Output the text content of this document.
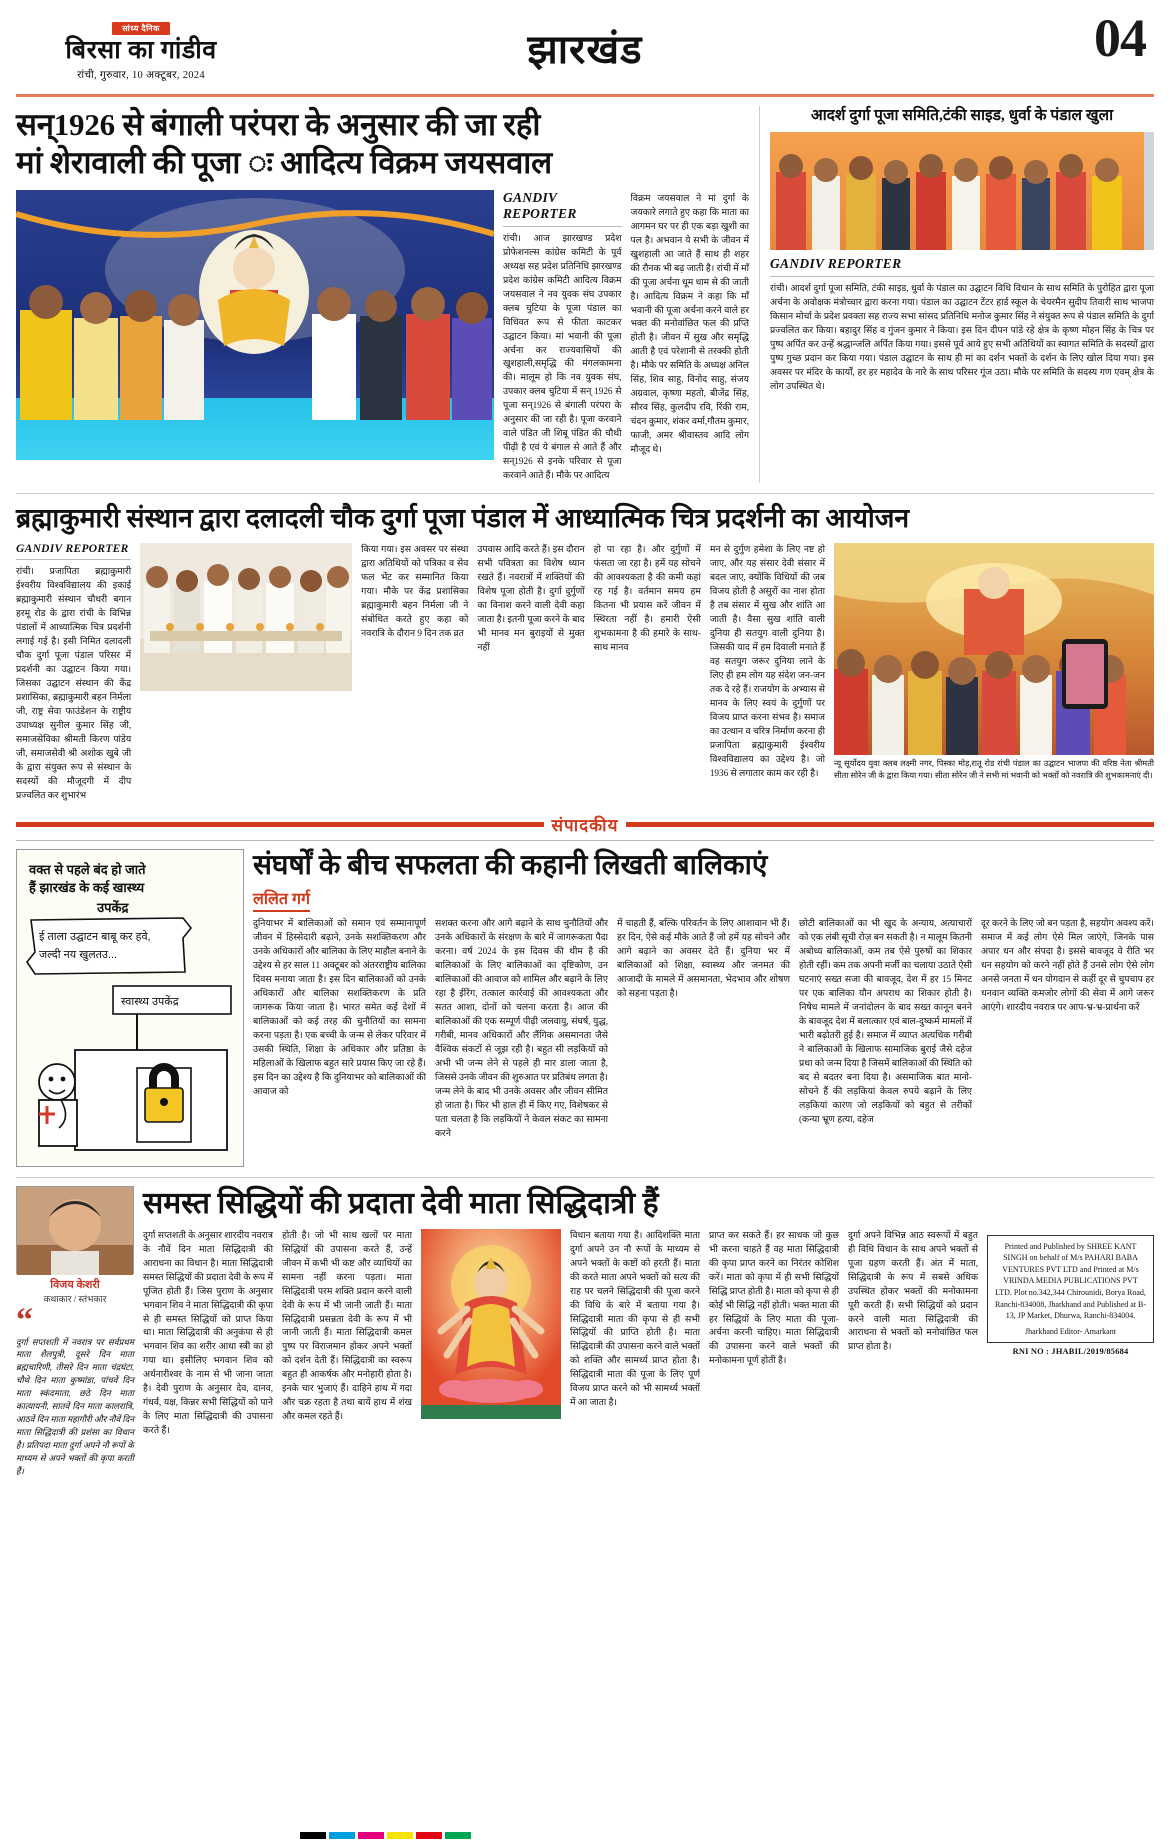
सांध्य दैनिक
बिरसा का गांडीव
रांची, गुरुवार, 10 अक्टूबर, 2024
झारखंड	04
सन्1926 से बंगाली परंपरा के अनुसार की जा रही
मां शेरावाली की पूजा ः आदित्य विक्रम जयसवाल
GANDIV REPORTER
रांची। आज झारखण्ड प्रदेश प्रोफेशनल्स कांग्रेस कमिटी के पूर्व अध्यक्ष सह प्रदेश प्रतिनिधि झारखण्ड प्रदेश कांग्रेस कमिटी आदित्य विक्रम जयसवाल ने नव युवक संघ उपकार क्लब चुटिया के पूजा पंडाल का विधिवत रूप से फीता काटकर उद्घाटन किया। मां भवानी की पूजा अर्चना कर राज्यवासियों की खुशहाली,समृद्धि की मंगलकामना की। मालूम हो कि नव युवक संघ, उपकार क्लब चुटिया में सन् 1926 से पूजा सन्1926 से बंगाली परंपरा के अनुसार की जा रही है। पूजा करवाने वाले पंडित जी शिबू पंडित की चौथी पीढ़ी है एवं ये बंगाल से आते हैं और सन्1926 से इनके परिवार से पूजा करवाने आते हैं। मौके पर आदित्य
विक्रम जयसवाल ने मां दुर्गा के जयकारे लगाते हुए कहा कि माता का आगमन घर पर ही एक बड़ा खुशी का पल है। अभवान ये सभी के जीवन में खुशहाली आ जाते हैं साथ ही शहर की रौनक भी बढ़ जाती है। रांची में माँ की पूजा अर्चना धूम धाम से की जाती है। आदित्य विक्रम ने कहा कि माँ भवानी की पूजा अर्चना करने वाले हर भक्त की मनोवांछित फल की प्रप्ति होती है। जीवन में सुख और समृद्धि आती है एवं परेशानी से तरक्की होती है। मौके पर समिति के अध्यक्ष अनिल सिंह, शिव साहु, विनोद साहु, संजय अग्रवाल, कृष्णा महतो, बीजेंद्र सिंह, सौरव सिंह, कुलदीप रवि, रिंकी राम, चंदन कुमार, शंकर वर्मा,गौतम कुमार, फाजी, अमर श्रीवास्तव आदि लोग मौजूद थे।
आदर्श दुर्गा पूजा समिति,टंकी साइड, धुर्वा के पंडाल खुला
GANDIV REPORTER
रांची। आदर्श दुर्गा पूजा समिति, टंकी साइड, धुर्वा के पंडाल का उद्घाटन विधि विधान के साथ समिति के पुरोहित द्वारा पूजा अर्चना के अवोक्षक मंत्रोच्चार द्वारा करना गया। पंडाल का उद्घाटन टेंटर हार्ड स्कूल के चेयरमैन सुदीप तिवारी साथ भाजपा किसान मोर्चा के प्रदेश प्रवक्ता सह राज्य सभा सांसद प्रतिनिधि मनोज कुमार सिंह ने संयुक्त रूप से पंडाल समिति के दुर्गा प्रज्वलित कर किया। बहादुर सिंह व गुंजन कुमार ने किया। इस दिन दीपन पांडे रहे क्षेत्र के कृष्ण मोहन सिंह के चित्र पर पुष्प अर्पित कर उन्हें श्रद्धान्जलि अर्पित किया गया। इससे पूर्व आये हुए सभी अतिथियों का स्वागत समिति के सदस्यों द्वारा पुष्प गुच्छ प्रदान कर किया गया। पंडाल उद्घाटन के साथ ही मां का दर्शन भक्तों के दर्शन के लिए खोल दिया गया। इस अवसर पर मंदिर के कार्यों, हर हर महादेव के नारे के साथ परिसर गूंज उठा। मौके पर समिति के सदस्य गण एवम् क्षेत्र के लोग उपस्थित थे।
ब्रह्माकुमारी संस्थान द्वारा दलादली चौक दुर्गा पूजा पंडाल में आध्यात्मिक चित्र प्रदर्शनी का आयोजन
GANDIV REPORTER
रांची। प्रजापिता ब्रह्माकुमारी ईश्वरीय विश्वविद्यालय की इकाई ब्रह्माकुमारी संस्थान चौधरी बगान हरमू रोड के द्वारा रांची के विभिन्न पंडालों में आध्यात्मिक चित्र प्रदर्शनी लगाई गई है। इसी निमित दलादली चौक दुर्गा पूजा पंडाल परिसर में प्रदर्शनी का उद्घाटन किया गया। जिसका उद्घाटन संस्थान की केंद्र प्रशासिका, ब्रह्माकुमारी बहन निर्मला जी, राष्ट्र सेवा फाउंडेशन के राष्ट्रीय उपाध्यक्ष सुनील कुमार सिंह जी, समाजसेविका श्रीमती किरण पांडेय जी, समाजसेवी श्री अशोक खुबे जी के द्वारा संयुक्त रूप से संस्थान के सदस्यों की मौजूदगी में दीप प्रज्वलित कर शुभारंभ
किया गया। इस अवसर पर संस्था द्वारा अतिथियों को पत्रिका व सेव फल भेंट कर सम्मानित किया गया। मौके पर केंद्र प्रशासिका ब्रह्माकुमारी बहन निर्मला जी ने संबोधित करते हुए कहा को नवरात्रि के दौरान 9 दिन तक व्रत
उपवास आदि करते हैं। इस दौरान सभी पवित्रता का विशेष ध्यान रखते हैं। नवरात्रों में शक्तियों की विशेष पूजा होती है। दुर्गा दुर्गुणों का विनाश करने वाली देवी कहा जाता है। इतनी पूजा करने के बाद भी मानव मन बुराइयों से मुक्त नहीं
हो पा रहा है। और दुर्गुणों में फंसता जा रहा है। हमें यह सोचने की आवश्यकता है की कमी कहां रह गई है। वर्तमान समय हम कितना भी प्रयास करें जीवन में स्थिरता नहीं है। हमारी ऐसी शुभकामना है की हमारे के साथ-साथ मानव
मन से दुर्गुण हमेशा के लिए नष्ट हो जाए, और यह संसार देवी संसार में बदल जाए, क्योंकि विधियों की जब विजय होती है असुरों का नाश होता है तब संसार में सुख और शांति आ जाती है। वैसा सुख शांति वाली दुनिया ही सतयुग वाली दुनिया है। जिसकी याद में हम दिवाली मनाते हैं वह सतयुग जरूर दुनिया लाने के लिए ही हम लोग यह संदेश जन-जन तक दे रहे हैं। राजयोग के अभ्यास से मानव के लिए स्वयं के दुर्गुणों पर विजय प्राप्त करना संभव है। समाज का उत्थान व चरित्र निर्माण करना ही प्रजापिता ब्रह्माकुमारी ईश्वरीय विश्वविद्यालय का उद्देश्य है। जो 1936 से लगातार काम कर रही है।
न्यू सूर्योदय युवा क्लब लक्ष्मी नगर, पिस्का मोड़,रातू रोड रांची पंडाल का उद्घाटन भाजपा की वरिष्ठ नेता श्रीमती सीता सोरेन जी के द्वारा किया गया। सीता सोरेन जी ने सभी मां भवानी को भक्तों को नवरात्रि की शुभकामनाएं दी।
संपादकीय
वक्त से पहले बंद हो जाते
हैं झारखंड के कई खास्थ्य
उपकेंद्र
ई ताला उद्घाटन बाबू कर हवे,
जल्दी नय खुलतउ...
स्वास्थ्य उपकेंद्र
संघर्षों के बीच सफलता की कहानी लिखती बालिकाएं
ललित गर्ग
दुनियाभर में बालिकाओं को समान एवं सम्मानापूर्ण जीवन में हिस्सेदारी बढ़ाने, उनके सशक्तिकरण और उनके अधिकारों और बालिका के लिए माहौल बनाने के उद्देश्य से हर साल 11 अक्टूबर को अंतरराष्ट्रीय बालिका दिवस मनाया जाता है। इस दिन बालिकाओं को उनके अधिकारों और बालिका सशक्तिकरण के प्रति जागरूक किया जाता है। भारत समेत कई देशों में बालिकाओं को कई तरह की चुनौतियों का सामना करना पड़ता है। एक बच्ची के जन्म से लेकर परिवार में उसकी स्थिति, शिक्षा के अधिकार और प्रतिष्ठा के महिलाओं के खिलाफ बहुत सारे प्रयास किए जा रहे हैं। इस दिन का उद्देश्य है कि दुनियाभर को बालिकाओं की आवाज को
सशक्त करना और आगे बढ़ाने के साथ चुनौतियों और उनके अधिकारों के संरक्षण के बारे में जागरूकता पैदा करना। वर्ष 2024 के इस दिवस की थीम है की बालिकाओं के लिए बालिकाओं का दृष्टिकोण, उन बालिकाओं की आवाज को शामिल और बढ़ाने के लिए रहा है ईरिंग, तत्काल कार्रवाई की आवश्यकता और सतत आशा, दोनों को चलना करता है। आज की बालिकाओं की एक सम्पूर्ण पीढ़ी जलवायु, संघर्ष, युद्ध, गरीबी, मानव अधिकारों और लैंगिक असमानता जैसे वैश्विक संकटों से जूझ रही है। बहुत सी लड़कियों को अभी भी जन्म लेने से पहले ही मार डाला जाता है, जिससे उनके जीवन की शुरुआत पर प्रतिबंध लगता है। जन्म लेने के बाद भी उनके अवसर और जीवन सीमित हो जाता है। फिर भी हाल ही में किए गए, विशेषकर से पता चलता है कि लड़कियों ने केवल संकट का सामना करने
में चाहती हैं, बल्कि परिवर्तन के लिए आशावान भी हैं। हर दिन, ऐसे कई मौके आते हैं जो हमें यह सोचने और आगे बढ़ाने का अवसर देते हैं। दुनिया भर में बालिकाओं को शिक्षा, स्वास्थ्य और जनमत की आजादी के मामले में असमानता, भेदभाव और शोषण को सहना पड़ता है।
छोटी बालिकाओं का भी खुद के अन्याय, अत्याचारों को एक लंबी सूची रोज़ बन सकती है। न मालूम कितनी अबोध्य बालिकाओं, कम तब ऐसे पुरुषों का शिकार होती रहीं। कम तक अपनी मर्जी का चलाया उठाते ऐसी घटनाएं सख्त सजा की बावजूद, देश में हर 15 मिनट पर एक बालिका यौन अपराध का शिकार होती है। निषेध मामले में जनांदोलन के बाद सख्त कानून बनने के बावजूद देश में बलात्कार एवं बाल-दुष्कर्म मामलों में भारी बढ़ोतरी हुई है। समाज में व्याप्त अत्यधिक गरीबी ने बालिकाओं के खिलाफ सामाजिक बुराई जैसे दहेज प्रथा को जन्म दिया है जिसमें बालिकाओं की स्थिति को बद से बदतर बना दिया है। असमाजिक बात मानो-सोचने हैं की लड़कियां केवल रुपये बढ़ाने के लिए लड़कियां कारण जो लड़कियों को बहुत से तरीकों (कन्या भ्रूण हत्या, दहेज
दूर करने के लिए जो बन पड़ता है, सहयोग अवश्य करें। समाज में कई लोग ऐसे मिल जाएंगे, जिनके पास अपार धन और संपदा है। इससे बावजूद वे रीति भर धन सहयोग को करने नहीं होते हैं उनसे लोग ऐसे लोग अनसे जनता में धन योगदान से कहीं दूर से चुपचाप हर धनवान व्यक्ति कमजोर लोगों की सेवा में आगे जरूर आएंगे। शारदीय नवरात्र पर आप-भ्र-भ्र-प्रार्थना करें
विजय केशरी
कथाकार / स्तंभकार
“
दुर्गा सप्तशती में नवरात्र पर सर्वप्रथम माता शैलपुत्री, दूसरे दिन माता ब्रह्मचारिणी, तीसरे दिन माता चंद्रघंटा, चौथे दिन माता कुष्मांडा, पांचवें दिन माता स्कंदमाता, छठे दिन माता कात्यायनी, सातवें दिन माता कालरात्रि, आठवें दिन माता महागौरी और नौवें दिन माता सिद्धिदात्री की प्रशंसा का विधान है। प्रतिपदा माता दुर्गा अपने नौ रूपों के माध्यम से अपने भक्तों की कृपा करती हैं।
समस्त सिद्धियों की प्रदाता देवी माता सिद्धिदात्री हैं
दुर्गा सप्तशती के अनुसार शारदीय नवरात्र के नौवें दिन माता सिद्धिदात्री की आराधना का विधान है। माता सिद्धिदात्री समस्त सिद्धियों की प्रदाता देवी के रूप में पूजित होती हैं। जिस पुराण के अनुसार भगवान शिव ने माता सिद्धिदात्री की कृपा से ही समस्त सिद्धियों को प्राप्त किया था। माता सिद्धिदात्री की अनुकंपा से ही भगवान शिव का शरीर आधा स्त्री का हो गया था। इसीलिए भगवान शिव को अर्धनारीश्वर के नाम से भी जाना जाता है। देवी पुराण के अनुसार देव, दानव, गंधर्व, यक्ष, किन्नर सभी सिद्धियों को पाने के लिए माता सिद्धिदात्री की उपासना करते हैं।
होती है। जो भी साथ खलों पर माता सिद्धियों की उपासना करते हैं, उन्हें जीवन में कभी भी कष्ट और व्याधियों का सामना नहीं करना पड़ता। माता सिद्धिदात्री परम शक्ति प्रदान करने वाली देवी के रूप में भी जानी जाती हैं। माता सिद्धिदात्री प्रसन्नता देवी के रूप में भी जानी जाती हैं। माता सिद्धिदात्री कमल पुष्प पर विराजमान होकर अपने भक्तों को दर्शन देती हैं। सिद्धिदात्री का स्वरूप बहुत ही आकर्षक और मनोहारी होता है। इनके चार भुजाएं हैं। दाहिने हाथ में गदा और चक्र रहता है तथा बायें हाथ में शंख और कमल रहते हैं।
विधान बताया गया है। आदिशक्ति माता दुर्गा अपने उन नौ रूपों के माध्यम से अपने भक्तों के कष्टों को हरती हैं। माता की करते माता अपने भक्तों को सत्य की राह पर चलने सिद्धिदात्री की पूजा करने की विधि के बारे में बताया गया है। सिद्धिदात्री माता की कृपा से ही सभी सिद्धियों की प्राप्ति होती है। माता सिद्धिदात्री की उपासना करने वाले भक्तों को शक्ति और सामर्थ्य प्राप्त होता है। सिद्धिदात्री माता की पूजा के लिए पूर्ण विजय प्राप्त करने को भी सामर्थ्य भक्तों में आ जाता है।
प्राप्त कर सकते हैं। हर साधक जो कुछ भी करना चाहते हैं वह माता सिद्धिदात्री की कृपा प्राप्त करने का निरंतर कोशिश करें। माता को कृपा में ही सभी सिद्धियों सिद्धि प्राप्त होती है। माता को कृपा से ही कोई भी सिद्धि नहीं होती। भक्त माता की हर सिद्धियों के लिए माता की पूजा-अर्चना करनी चाहिए। माता सिद्धिदात्री की उपासना करने वाले भक्तों की मनोकामना पूर्ण होती है।
दुर्गा अपने विभिन्न आठ स्वरूपों में बहुत ही विधि विधान के साथ अपने भक्तों से पूजा ग्रहण करती हैं। अंत में माता, सिद्धिदात्री के रूप में सबसे अधिक उपस्थित होकर भक्तों की मनोकामना पूरी करती हैं। सभी सिद्धियों को प्रदान करने वाली माता सिद्धिदात्री की आराधना से भक्तों को मनोवांछित फल प्राप्त होता है।
Printed and Published by SHREE KANT SINGH on behalf of M/s PAHARI BABA VENTURES PVT LTD and Printed at M/s VRINDA MEDIA PUBLICATIONS PVT LTD. Plot no.342,344 Chirounidi, Borya Road, Ranchi-834008, Jharkhand and Published at B-13, JP Market, Dhurwa, Ranchi-834004.
Jharkhand Editor- Amarkant
RNI NO : JHABIL/2019/85684
